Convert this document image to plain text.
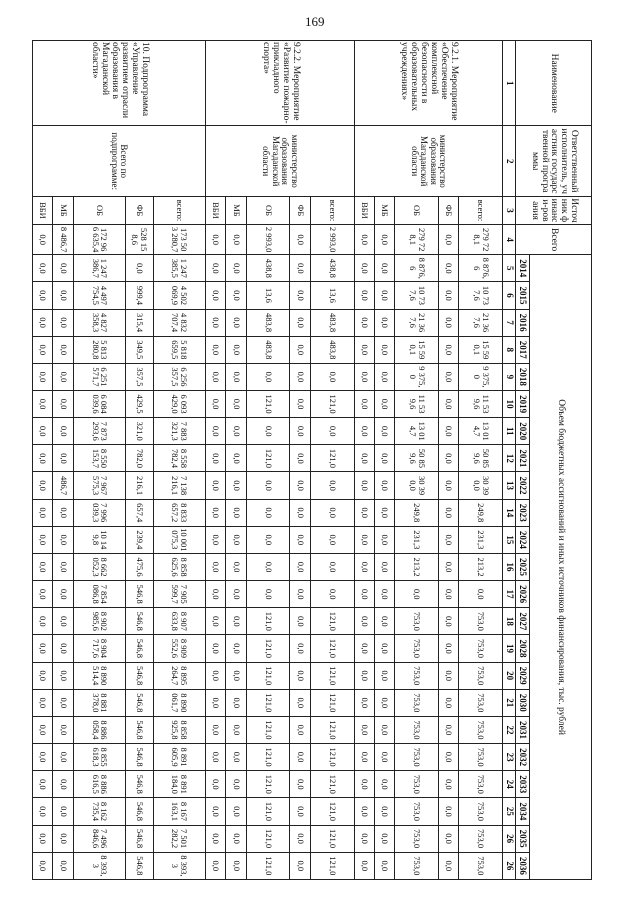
169
Наименование	Ответственный исполнитель, участник государственной программы	Источник финанси-рования	Всего	Объем бюджетных ассигнований и иных источников финансирования, тыс. рублей																						
				2014	2015	2016	2017	2018	2019	2020	2021	2022	2023	2024	2025	2026	2027	2028	2029	2030	2031	2032	2033	2034	2035	2036
1	2	3	4	5	6	7	8	9	10	11	12	13	14	15	16	17	18	19	20	21	22	23	24	25	26	26
9.2.1. Мероприятие «Обеспечение комплексной безопасности в образовательных учреждениях»	министерство образования Магаданской области	всего:	279 728,1	8 876,6	10 737,6	21 367,6	15 590,1	9 375,0	11 539,6	13 014,7	50 859,6	30 390,0	249,8	231,3	213,2	0,0	753,0	753,0	753,0	753,0	753,0	753,0	753,0	753,0	753,0	753,0
		ФБ	0,0	0,0	0,0	0,0	0,0	0,0	0,0	0,0	0,0	0,0	0,0	0,0	0,0	0,0	0,0	0,0	0,0	0,0	0,0	0,0	0,0	0,0	0,0	0,0
		ОБ	279 728,1	8 876,6	10 737,6	21 367,6	15 590,1	9 375,0	11 539,6	13 014,7	50 859,6	30 390,0	249,8	231,3	213,2	0,0	753,0	753,0	753,0	753,0	753,0	753,0	753,0	753,0	753,0	753,0
		МБ	0,0	0,0	0,0	0,0	0,0	0,0	0,0	0,0	0,0	0,0	0,0	0,0	0,0	0,0	0,0	0,0	0,0	0,0	0,0	0,0	0,0	0,0	0,0	0,0
		ВБИ	0,0	0,0	0,0	0,0	0,0	0,0	0,0	0,0	0,0	0,0	0,0	0,0	0,0	0,0	0,0	0,0	0,0	0,0	0,0	0,0	0,0	0,0	0,0	0,0
9.2.2. Мероприятие «Развитие пожарно-прикладного спорта»	министерство образования Магаданской области	всего:	2 993,0	438,8	13,6	483,8	483,8	0,0	121,0	0,0	121,0	0,0	0,0	0,0	0,0	0,0	121,0	121,0	121,0	121,0	121,0	121,0	121,0	121,0	121,0	121,0
		ФБ	0,0	0,0	0,0	0,0	0,0	0,0	0,0	0,0	0,0	0,0	0,0	0,0	0,0	0,0	0,0	0,0	0,0	0,0	0,0	0,0	0,0	0,0	0,0	0,0
		ОБ	2 993,0	438,8	13,6	483,8	483,8	0,0	121,0	0,0	121,0	0,0	0,0	0,0	0,0	0,0	121,0	121,0	121,0	121,0	121,0	121,0	121,0	121,0	121,0	121,0
		МБ	0,0	0,0	0,0	0,0	0,0	0,0	0,0	0,0	0,0	0,0	0,0	0,0	0,0	0,0	0,0	0,0	0,0	0,0	0,0	0,0	0,0	0,0	0,0	0,0
		ВБИ	0,0	0,0	0,0	0,0	0,0	0,0	0,0	0,0	0,0	0,0	0,0	0,0	0,0	0,0	0,0	0,0	0,0	0,0	0,0	0,0	0,0	0,0	0,0	0,0
10. Подпрограмма «Управление развитием отрасли образования в Магаданской области»	Всего по подпрограмме:	всего:	173 503 280,7	1 247 385,5	4 502 069,9	4 832 707,4	5 818 659,5	6 256 357,5	6 093 429,0	7 883 321,3	8 558 782,4	7 138 216,1	8 833 657,2	10 001 075,3	8 858 625,6	7 905 599,7	8 907 633,8	8 909 552,6	8 895 264,7	8 890 061,7	8 858 925,8	8 891 605,9	8 891 184,0	8 167 163,1	7 501 282,2	8 393,3
		ФБ	528 158,6	0,0	999,4	315,4	349,5	357,5	429,5	321,0	782,0	216,1	657,4	239,4	475,6	546,8	546,8	546,8	546,8	546,8	546,8	546,8	546,8	546,8	546,8	546,8
		ОБ	172 966 635,4	1 247 386,7	4 497 754,5	4 827 358,3	5 813 280,8	6 251 571,7	6 084 039,6	7 873 293,6	8 550 153,7	7 967 575,3	7 996 039,3	10 149,8	8 662 052,3	7 854 086,8	8 902 985,6	8 904 717,6	8 890 514,4	8 881 378,0	8 886 058,4	8 855 618,3	8 886 616,5	8 162 735,4	7 496 846,6	8 393,3
		МБ	8 486,7	0,0	0,0	0,0	0,0	0,0	0,0	0,0	0,0	486,7	0,0	0,0	0,0	0,0	0,0	0,0	0,0	0,0	0,0	0,0	0,0	0,0	0,0	0,0
		ВБИ	0,0	0,0	0,0	0,0	0,0	0,0	0,0	0,0	0,0	0,0	0,0	0,0	0,0	0,0	0,0	0,0	0,0	0,0	0,0	0,0	0,0	0,0	0,0	0,0
